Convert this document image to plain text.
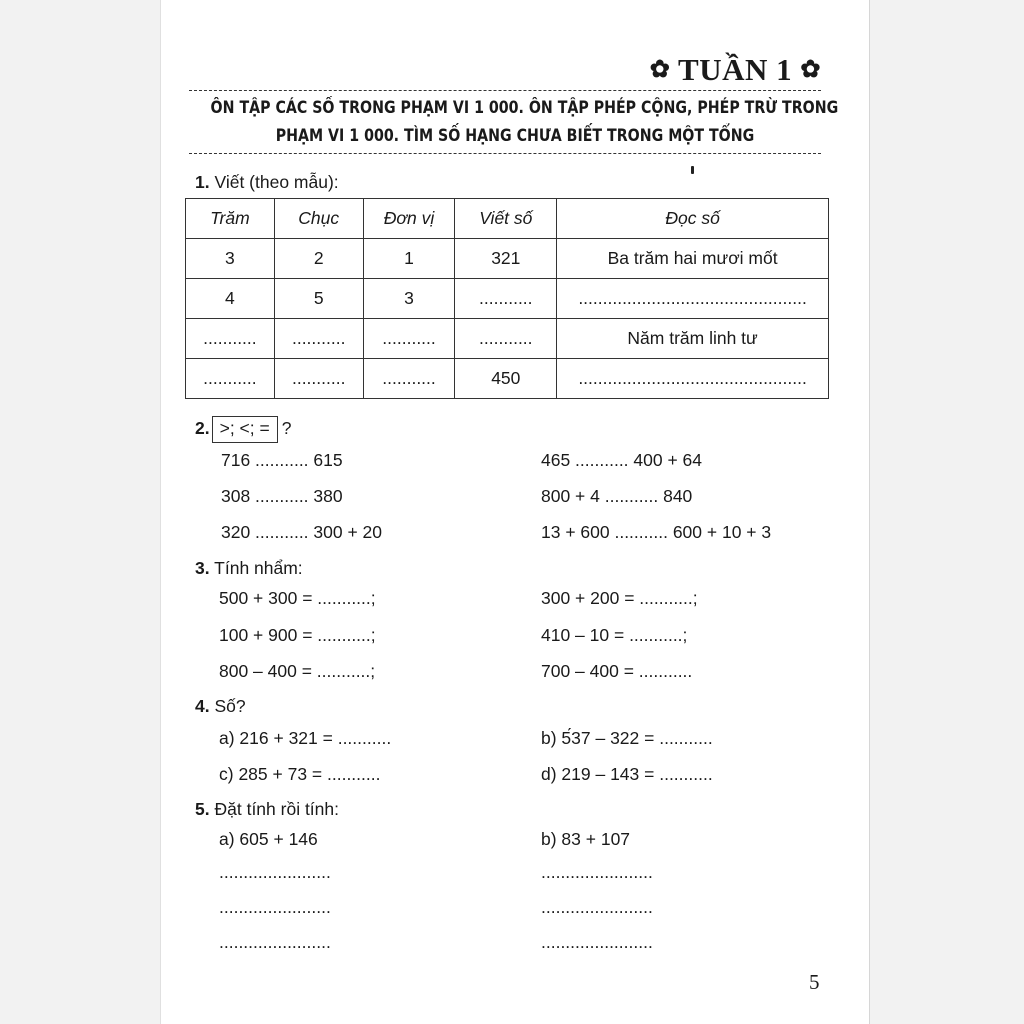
✿ TUẦN 1 ✿
ÔN TẬP CÁC SỐ TRONG PHẠM VI 1 000. ÔN TẬP PHÉP CỘNG, PHÉP TRỪ TRONG
PHẠM VI 1 000. TÌM SỐ HẠNG CHƯA BIẾT TRONG MỘT TỔNG
1. Viết (theo mẫu):
Trăm	Chục	Đơn vị	Viết số	Đọc số
3	2	1	321	Ba trăm hai mươi mốt
4	5	3	...........	...............................................
...........	...........	...........	...........	Năm trăm linh tư
...........	...........	...........	450	...............................................
2. >; <; = ?
716 ........... 615	465 ........... 400 + 64
308 ........... 380	800 + 4 ........... 840
320 ........... 300 + 20	13 + 600 ........... 600 + 10 + 3
3. Tính nhẩm:
500 + 300 = ...........;	300 + 200 = ...........;
100 + 900 = ...........;	410 – 10 = ...........;
800 – 400 = ...........;	700 – 400 = ...........
4. Số?
a) 216 + 321 = ...........	b) 5́37 – 322 = ...........
c) 285 + 73 = ...........	d) 219 – 143 = ...........
5. Đặt tính rồi tính:
a) 605 + 146	b) 83 + 107
.......................	.......................
.......................	.......................
.......................	.......................
5
